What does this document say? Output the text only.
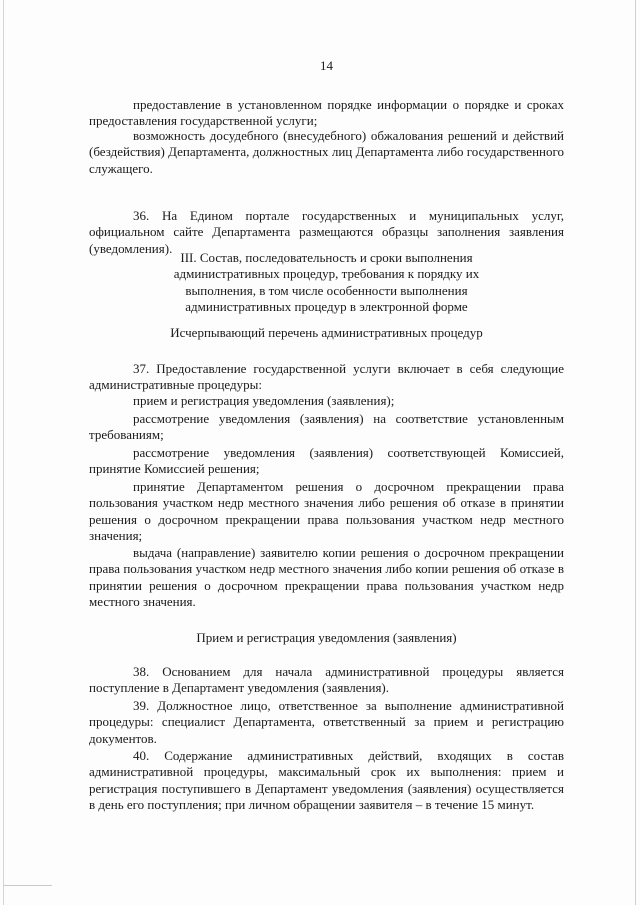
14

предоставление в установленном порядке информации о порядке и сроках предоставления государственной услуги;

возможность досудебного (внесудебного) обжалования решений и действий (бездействия) Департамента, должностных лиц Департамента либо государственного служащего.

36. На Едином портале государственных и муниципальных услуг, официальном сайте Департамента размещаются образцы заполнения заявления (уведомления).

III. Состав, последовательность и сроки выполнения административных процедур, требования к порядку их выполнения, в том числе особенности выполнения административных процедур в электронной форме

Исчерпывающий перечень административных процедур

37. Предоставление государственной услуги включает в себя следующие административные процедуры:

прием и регистрация уведомления (заявления);

рассмотрение уведомления (заявления) на соответствие установленным требованиям;

рассмотрение уведомления (заявления) соответствующей Комиссией, принятие Комиссией решения;

принятие Департаментом решения о досрочном прекращении права пользования участком недр местного значения либо решения об отказе в принятии решения о досрочном прекращении права пользования участком недр местного значения;

выдача (направление) заявителю копии решения о досрочном прекращении права пользования участком недр местного значения либо копии решения об отказе в принятии решения о досрочном прекращении права пользования участком недр местного значения.

Прием и регистрация уведомления (заявления)

38. Основанием для начала административной процедуры является поступление в Департамент уведомления (заявления).

39. Должностное лицо, ответственное за выполнение административной процедуры: специалист Департамента, ответственный за прием и регистрацию документов.

40. Содержание административных действий, входящих в состав административной процедуры, максимальный срок их выполнения: прием и регистрация поступившего в Департамент уведомления (заявления) осуществляется в день его поступления; при личном обращении заявителя – в течение 15 минут.
